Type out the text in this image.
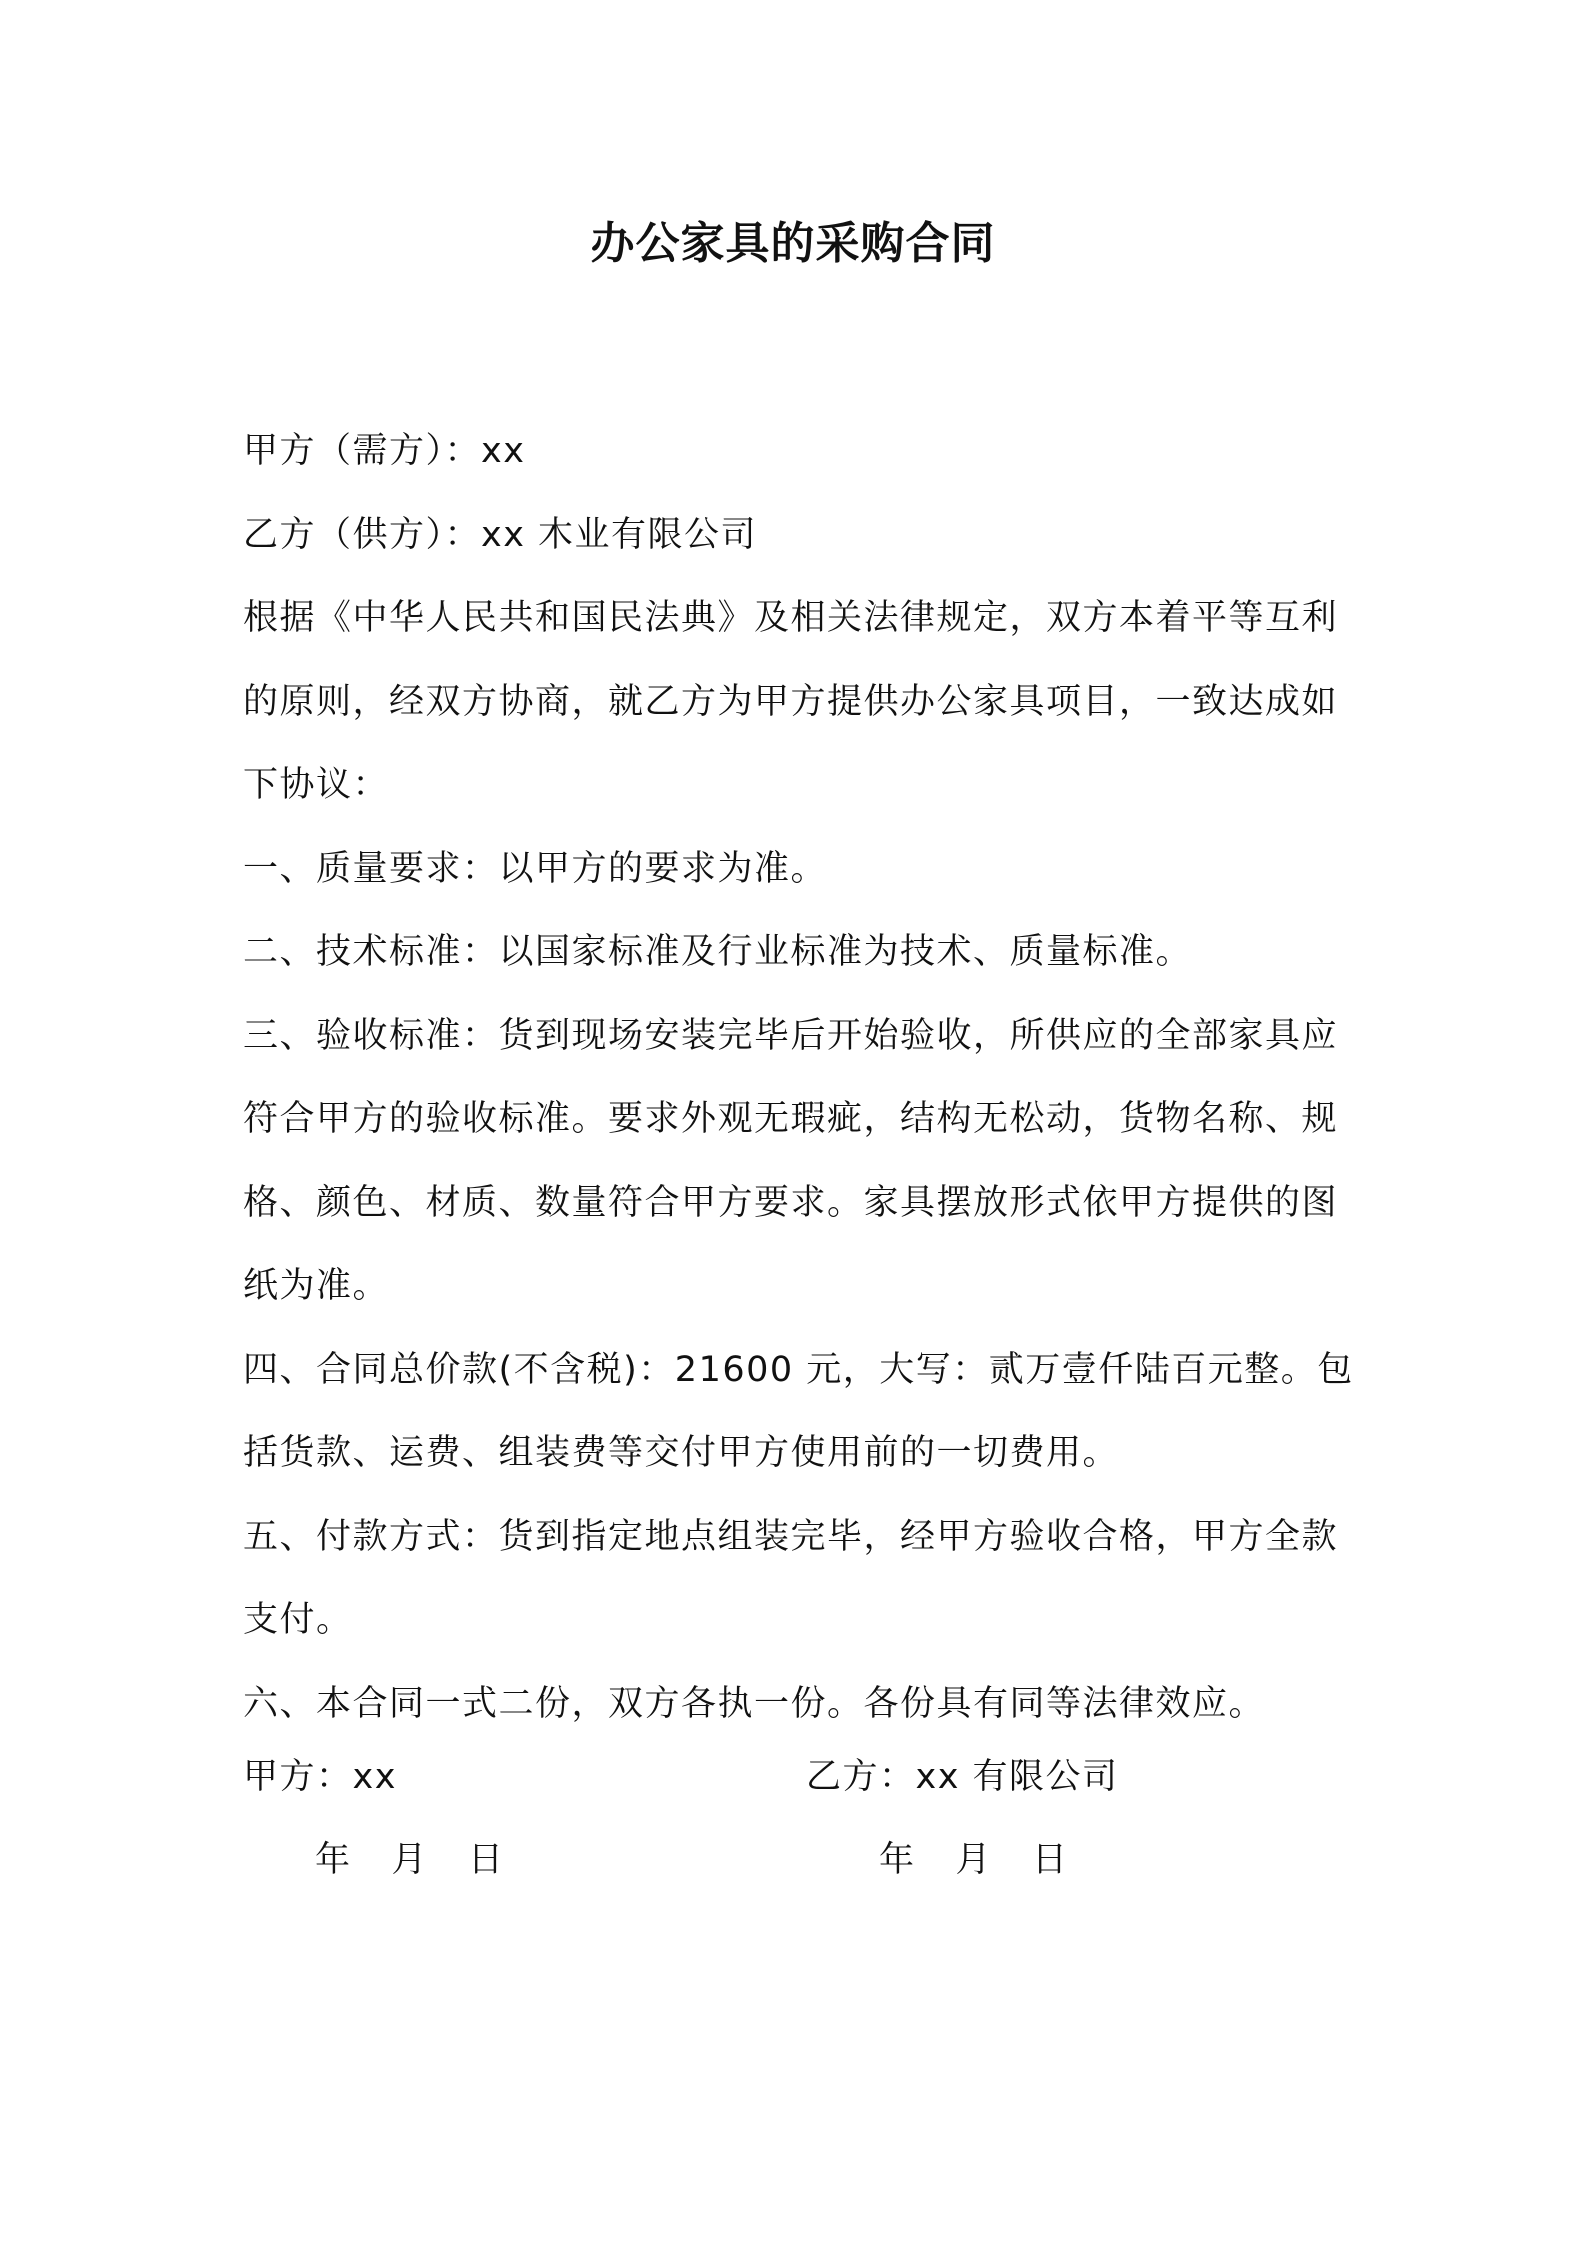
办公家具的采购合同

甲方（需方）：xx

乙方（供方）：xx 木业有限公司

根据《中华人民共和国民法典》及相关法律规定，双方本着平等互利的原则，经双方协商，就乙方为甲方提供办公家具项目，一致达成如下协议：

一、质量要求：以甲方的要求为准。

二、技术标准：以国家标准及行业标准为技术、质量标准。

三、验收标准：货到现场安装完毕后开始验收，所供应的全部家具应符合甲方的验收标准。要求外观无瑕疵，结构无松动，货物名称、规格、颜色、材质、数量符合甲方要求。家具摆放形式依甲方提供的图纸为准。

四、合同总价款(不含税)：21600 元，大写：贰万壹仟陆百元整。包括货款、运费、组装费等交付甲方使用前的一切费用。

五、付款方式：货到指定地点组装完毕，经甲方验收合格，甲方全款支付。

六、本合同一式二份，双方各执一份。各份具有同等法律效应。

甲方：xx	乙方：xx 有限公司
年 月 日	年 月 日
